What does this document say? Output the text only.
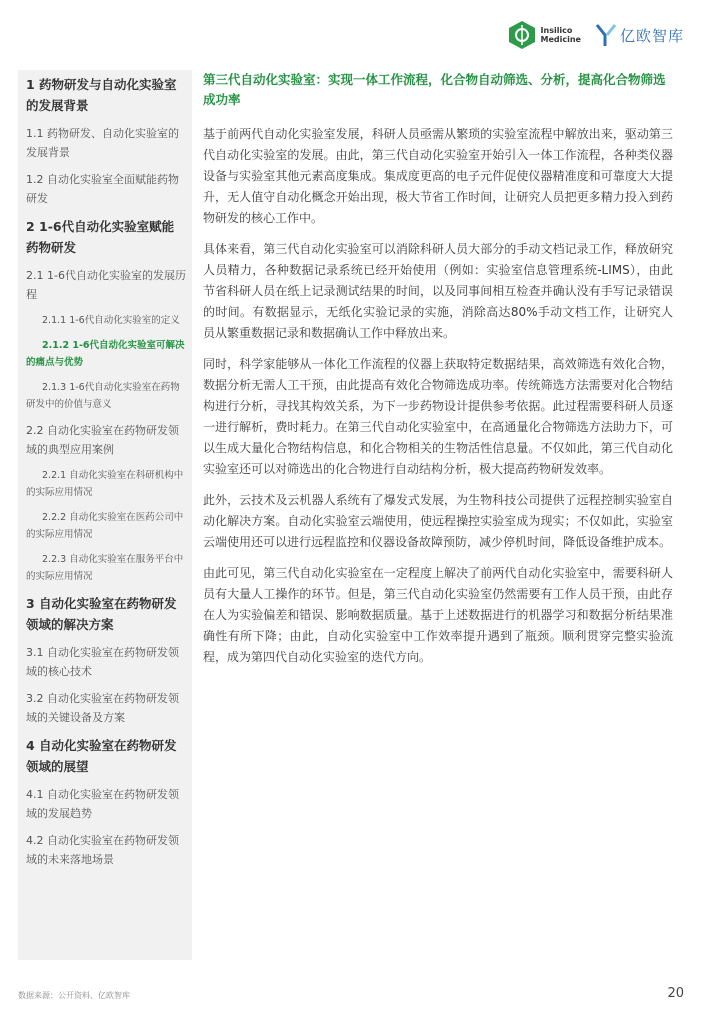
Insilico
Medicine	亿欧智库
1 药物研发与自动化实验室的发展背景
1.1 药物研发、自动化实验室的发展背景
1.2 自动化实验室全面赋能药物研发
2 1-6代自动化实验室赋能药物研发
2.1 1-6代自动化实验室的发展历程
2.1.1 1-6代自动化实验室的定义
2.1.2 1-6代自动化实验室可解决的痛点与优势
2.1.3 1-6代自动化实验室在药物研发中的价值与意义
2.2 自动化实验室在药物研发领域的典型应用案例
2.2.1 自动化实验室在科研机构中的实际应用情况
2.2.2 自动化实验室在医药公司中的实际应用情况
2.2.3 自动化实验室在服务平台中的实际应用情况
3 自动化实验室在药物研发领域的解决方案
3.1 自动化实验室在药物研发领域的核心技术
3.2 自动化实验室在药物研发领域的关键设备及方案
4 自动化实验室在药物研发领域的展望
4.1 自动化实验室在药物研发领域的发展趋势
4.2 自动化实验室在药物研发领域的未来落地场景
第三代自动化实验室：实现一体工作流程，化合物自动筛选、分析，提高化合物筛选成功率

基于前两代自动化实验室发展，科研人员亟需从繁琐的实验室流程中解放出来，驱动第三代自动化实验室的发展。由此，第三代自动化实验室开始引入一体工作流程，各种类仪器设备与实验室其他元素高度集成。集成度更高的电子元件促使仪器精准度和可靠度大大提升，无人值守自动化概念开始出现，极大节省工作时间，让研究人员把更多精力投入到药物研发的核心工作中。

具体来看，第三代自动化实验室可以消除科研人员大部分的手动文档记录工作，释放研究人员精力，各种数据记录系统已经开始使用（例如：实验室信息管理系统-LIMS），由此节省科研人员在纸上记录测试结果的时间，以及同事间相互检查并确认没有手写记录错误的时间。有数据显示，无纸化实验记录的实施，消除高达80%手动文档工作，让研究人员从繁重数据记录和数据确认工作中释放出来。

同时，科学家能够从一体化工作流程的仪器上获取特定数据结果，高效筛选有效化合物，数据分析无需人工干预，由此提高有效化合物筛选成功率。传统筛选方法需要对化合物结构进行分析，寻找其构效关系，为下一步药物设计提供参考依据。此过程需要科研人员逐一进行解析，费时耗力。在第三代自动化实验室中，在高通量化合物筛选方法助力下，可以生成大量化合物结构信息，和化合物相关的生物活性信息量。不仅如此，第三代自动化实验室还可以对筛选出的化合物进行自动结构分析，极大提高药物研发效率。

此外，云技术及云机器人系统有了爆发式发展，为生物科技公司提供了远程控制实验室自动化解决方案。自动化实验室云端使用，使远程操控实验室成为现实；不仅如此，实验室云端使用还可以进行远程监控和仪器设备故障预防，减少停机时间，降低设备维护成本。

由此可见，第三代自动化实验室在一定程度上解决了前两代自动化实验室中，需要科研人员有大量人工操作的环节。但是，第三代自动化实验室仍然需要有工作人员干预，由此存在人为实验偏差和错误、影响数据质量。基于上述数据进行的机器学习和数据分析结果准确性有所下降；由此，自动化实验室中工作效率提升遇到了瓶颈。顺利贯穿完整实验流程，成为第四代自动化实验室的迭代方向。

数据来源：公开资料、亿欧智库	20
